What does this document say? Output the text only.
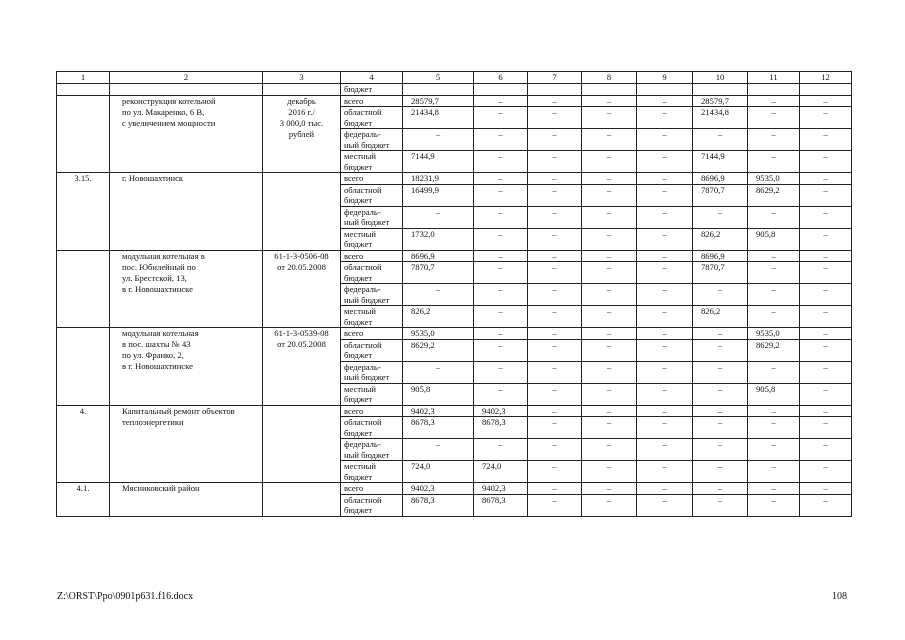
1	2	3	4	5	6	7	8	9	10	11	12
			бюджет								
	реконструкция котельной	декабрь	всего	28579,7	–	–	–	–	28579,7	–	–
	по ул. Макаренко, 6 В,	2016 г./	областной	21434,8	–	–	–	–	21434,8	–	–
	с увеличением мощности	3 000,0 тыс.	бюджет								
		рублей	федераль-	–	–	–	–	–	–	–	–
			ный бюджет								
			местный	7144,9	–	–	–	–	7144,9	–	–
			бюджет								
3.15.	г. Новошахтинск		всего	18231,9	–	–	–	–	8696,9	9535,0	–
			областной	16499,9	–	–	–	–	7870,7	8629,2	–
			бюджет								
			федераль-	–	–	–	–	–	–	–	–
			ный бюджет								
			местный	1732,0	–	–	–	–	826,2	905,8	–
			бюджет								
	модульная котельная в	61-1-3-0506-08	всего	8696,9	–	–	–	–	8696,9	–	–
	пос. Юбилейный по	от 20.05.2008	областной	7870,7	–	–	–	–	7870,7	–	–
	ул. Брестской, 13,		бюджет								
	в г. Новошахтинске		федераль-	–	–	–	–	–	–	–	–
			ный бюджет								
			местный	826,2	–	–	–	–	826,2	–	–
			бюджет								
	модульная котельная	61-1-3-0539-08	всего	9535,0	–	–	–	–	–	9535,0	–
	в пос. шахты № 43	от 20.05.2008	областной	8629,2	–	–	–	–	–	8629,2	–
	по ул. Франко, 2,		бюджет								
	в г. Новошахтинске		федераль-	–	–	–	–	–	–	–	–
			ный бюджет								
			местный	905,8	–	–	–	–	–	905,8	–
			бюджет								
4.	Капитальный ремонт объектов		всего	9402,3	9402,3	–	–	–	–	–	–
	теплоэнергетики		областной	8678,3	8678,3	–	–	–	–	–	–
			бюджет								
			федераль-	–	–	–	–	–	–	–	–
			ный бюджет								
			местный	724,0	724,0	–	–	–	–	–	–
			бюджет								
4.1.	Мясниковский район		всего	9402,3	9402,3	–	–	–	–	–	–
			областной	8678,3	8678,3	–	–	–	–	–	–
			бюджет								
Z:\ORST\Ppo\0901p631.f16.docx	108
